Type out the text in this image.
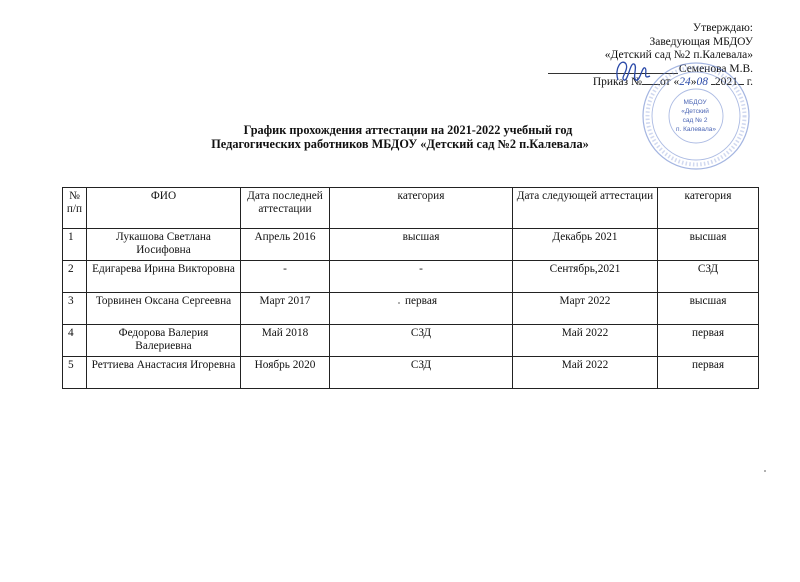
Утверждаю:
Заведующая МБДОУ
«Детский сад №2 п.Калевала»
Семенова М.В.
Приказ № от «24»08 2021 г.
МБДОУ «Детский сад № 2 п. Калевала»
График прохождения аттестации на 2021-2022 учебный год
Педагогических работников МБДОУ «Детский сад №2 п.Калевала»
№ п/п	ФИО	Дата последней аттестации	категория	Дата следующей аттестации	категория
1	Лукашова Светлана Иосифовна	Апрель 2016	высшая	Декабрь 2021	высшая
2	Едигарева Ирина Викторовна	-	-	Сентябрь,2021	СЗД
3	Торвинен Оксана Сергеевна	Март 2017	первая	Март 2022	высшая
4	Федорова Валерия Валериевна	Май 2018	СЗД	Май 2022	первая
5	Реттиева Анастасия Игоревна	Ноябрь 2020	СЗД	Май 2022	первая
